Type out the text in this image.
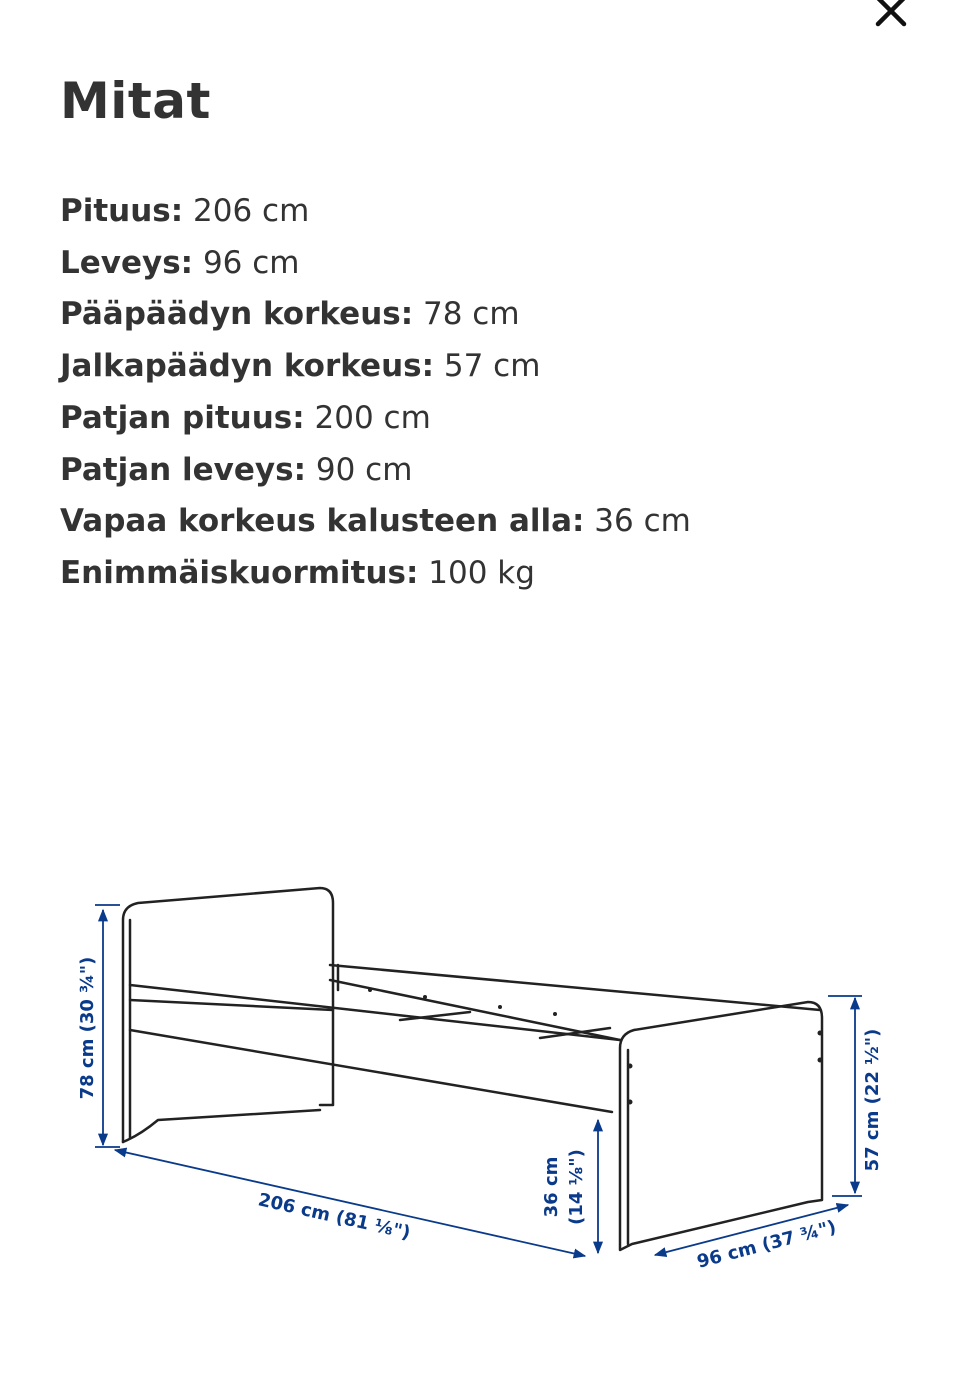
Mitat
Pituus: 206 cm
Leveys: 96 cm
Pääpäädyn korkeus: 78 cm
Jalkapäädyn korkeus: 57 cm
Patjan pituus: 200 cm
Patjan leveys: 90 cm
Vapaa korkeus kalusteen alla: 36 cm
Enimmäiskuormitus: 100 kg
78 cm (30 ¾")
206 cm (81 ⅛")	36 cm (14 ⅛")
57 cm (22 ½")
96 cm (37 ¾")
